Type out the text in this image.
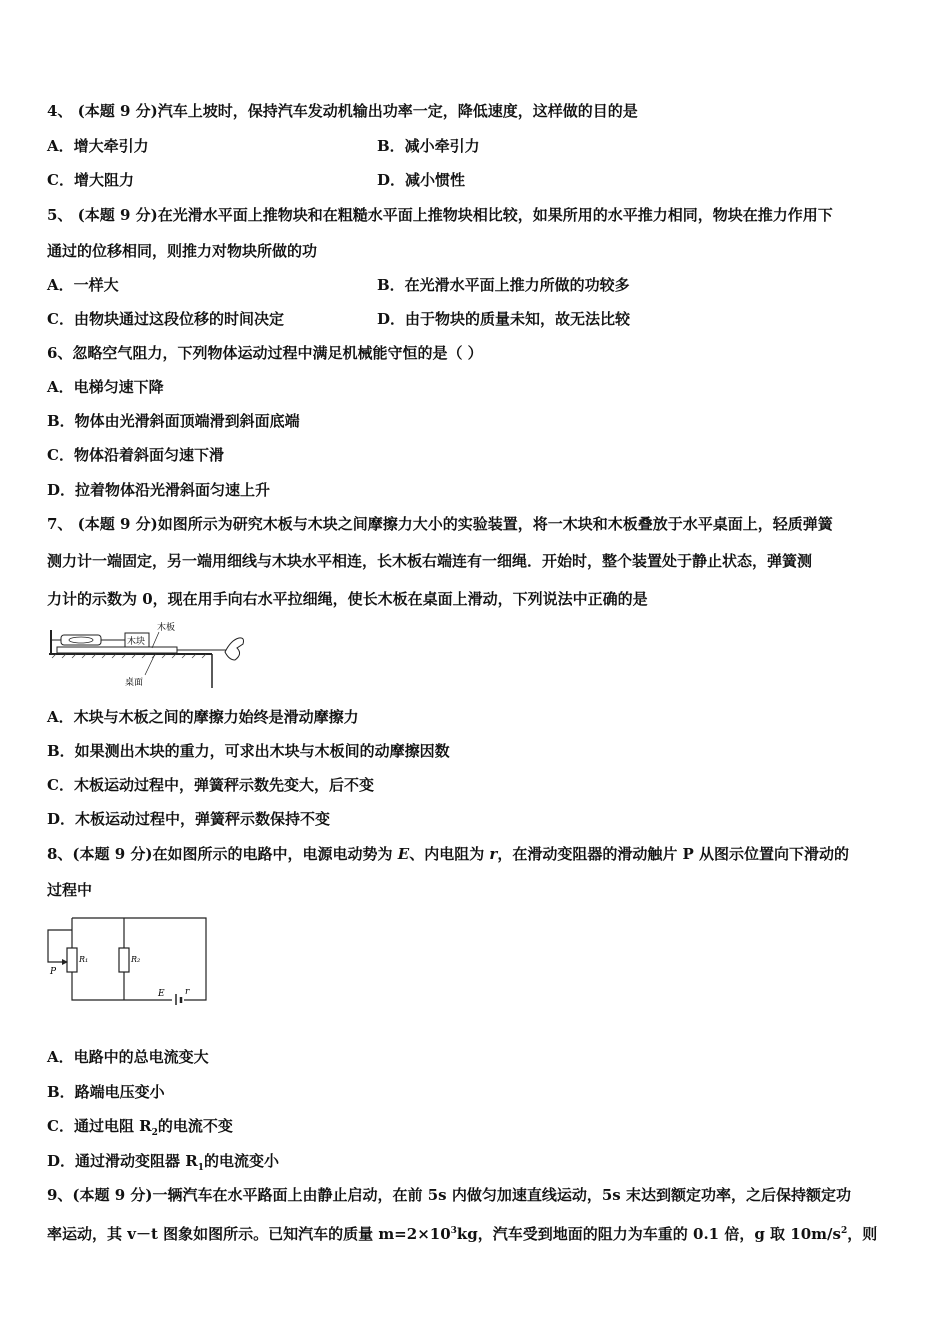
4、 (本题 9 分)汽车上坡时，保持汽车发动机输出功率一定，降低速度，这样做的目的是
A．增大牵引力	B．减小牵引力
C．增大阻力	D．减小惯性
5、 (本题 9 分)在光滑水平面上推物块和在粗糙水平面上推物块相比较，如果所用的水平推力相同，物块在推力作用下
通过的位移相同，则推力对物块所做的功
A．一样大	B．在光滑水平面上推力所做的功较多
C．由物块通过这段位移的时间决定	D．由于物块的质量未知，故无法比较
6、忽略空气阻力，下列物体运动过程中满足机械能守恒的是（ ）
A．电梯匀速下降
B．物体由光滑斜面顶端滑到斜面底端
C．物体沿着斜面匀速下滑
D．拉着物体沿光滑斜面匀速上升
7、 (本题 9 分)如图所示为研究木板与木块之间摩擦力大小的实验装置，将一木块和木板叠放于水平桌面上，轻质弹簧
测力计一端固定，另一端用细线与木块水平相连，长木板右端连有一细绳．开始时，整个装置处于静止状态，弹簧测
力计的示数为 0，现在用手向右水平拉细绳，使长木板在桌面上滑动，下列说法中正确的是
木块
木板
桌面
A．木块与木板之间的摩擦力始终是滑动摩擦力
B．如果测出木块的重力，可求出木块与木板间的动摩擦因数
C．木板运动过程中，弹簧秤示数先变大，后不变
D．木板运动过程中，弹簧秤示数保持不变
8、(本题 9 分)在如图所示的电路中，电源电动势为 E、内电阻为 r，在滑动变阻器的滑动触片 P 从图示位置向下滑动的
过程中
P
R₁	R₂
E r
A．电路中的总电流变大
B．路端电压变小
C．通过电阻 $R_2$的电流不变
D．通过滑动变阻器 $R_1$的电流变小
9、(本题 9 分)一辆汽车在水平路面上由静止启动，在前 5s 内做匀加速直线运动，5s 末达到额定功率，之后保持额定功
率运动，其 v－t 图象如图所示。已知汽车的质量 $m=2\times 10^3kg$，汽车受到地面的阻力为车重的 0.1 倍，g 取 $10m/s^2$，则
